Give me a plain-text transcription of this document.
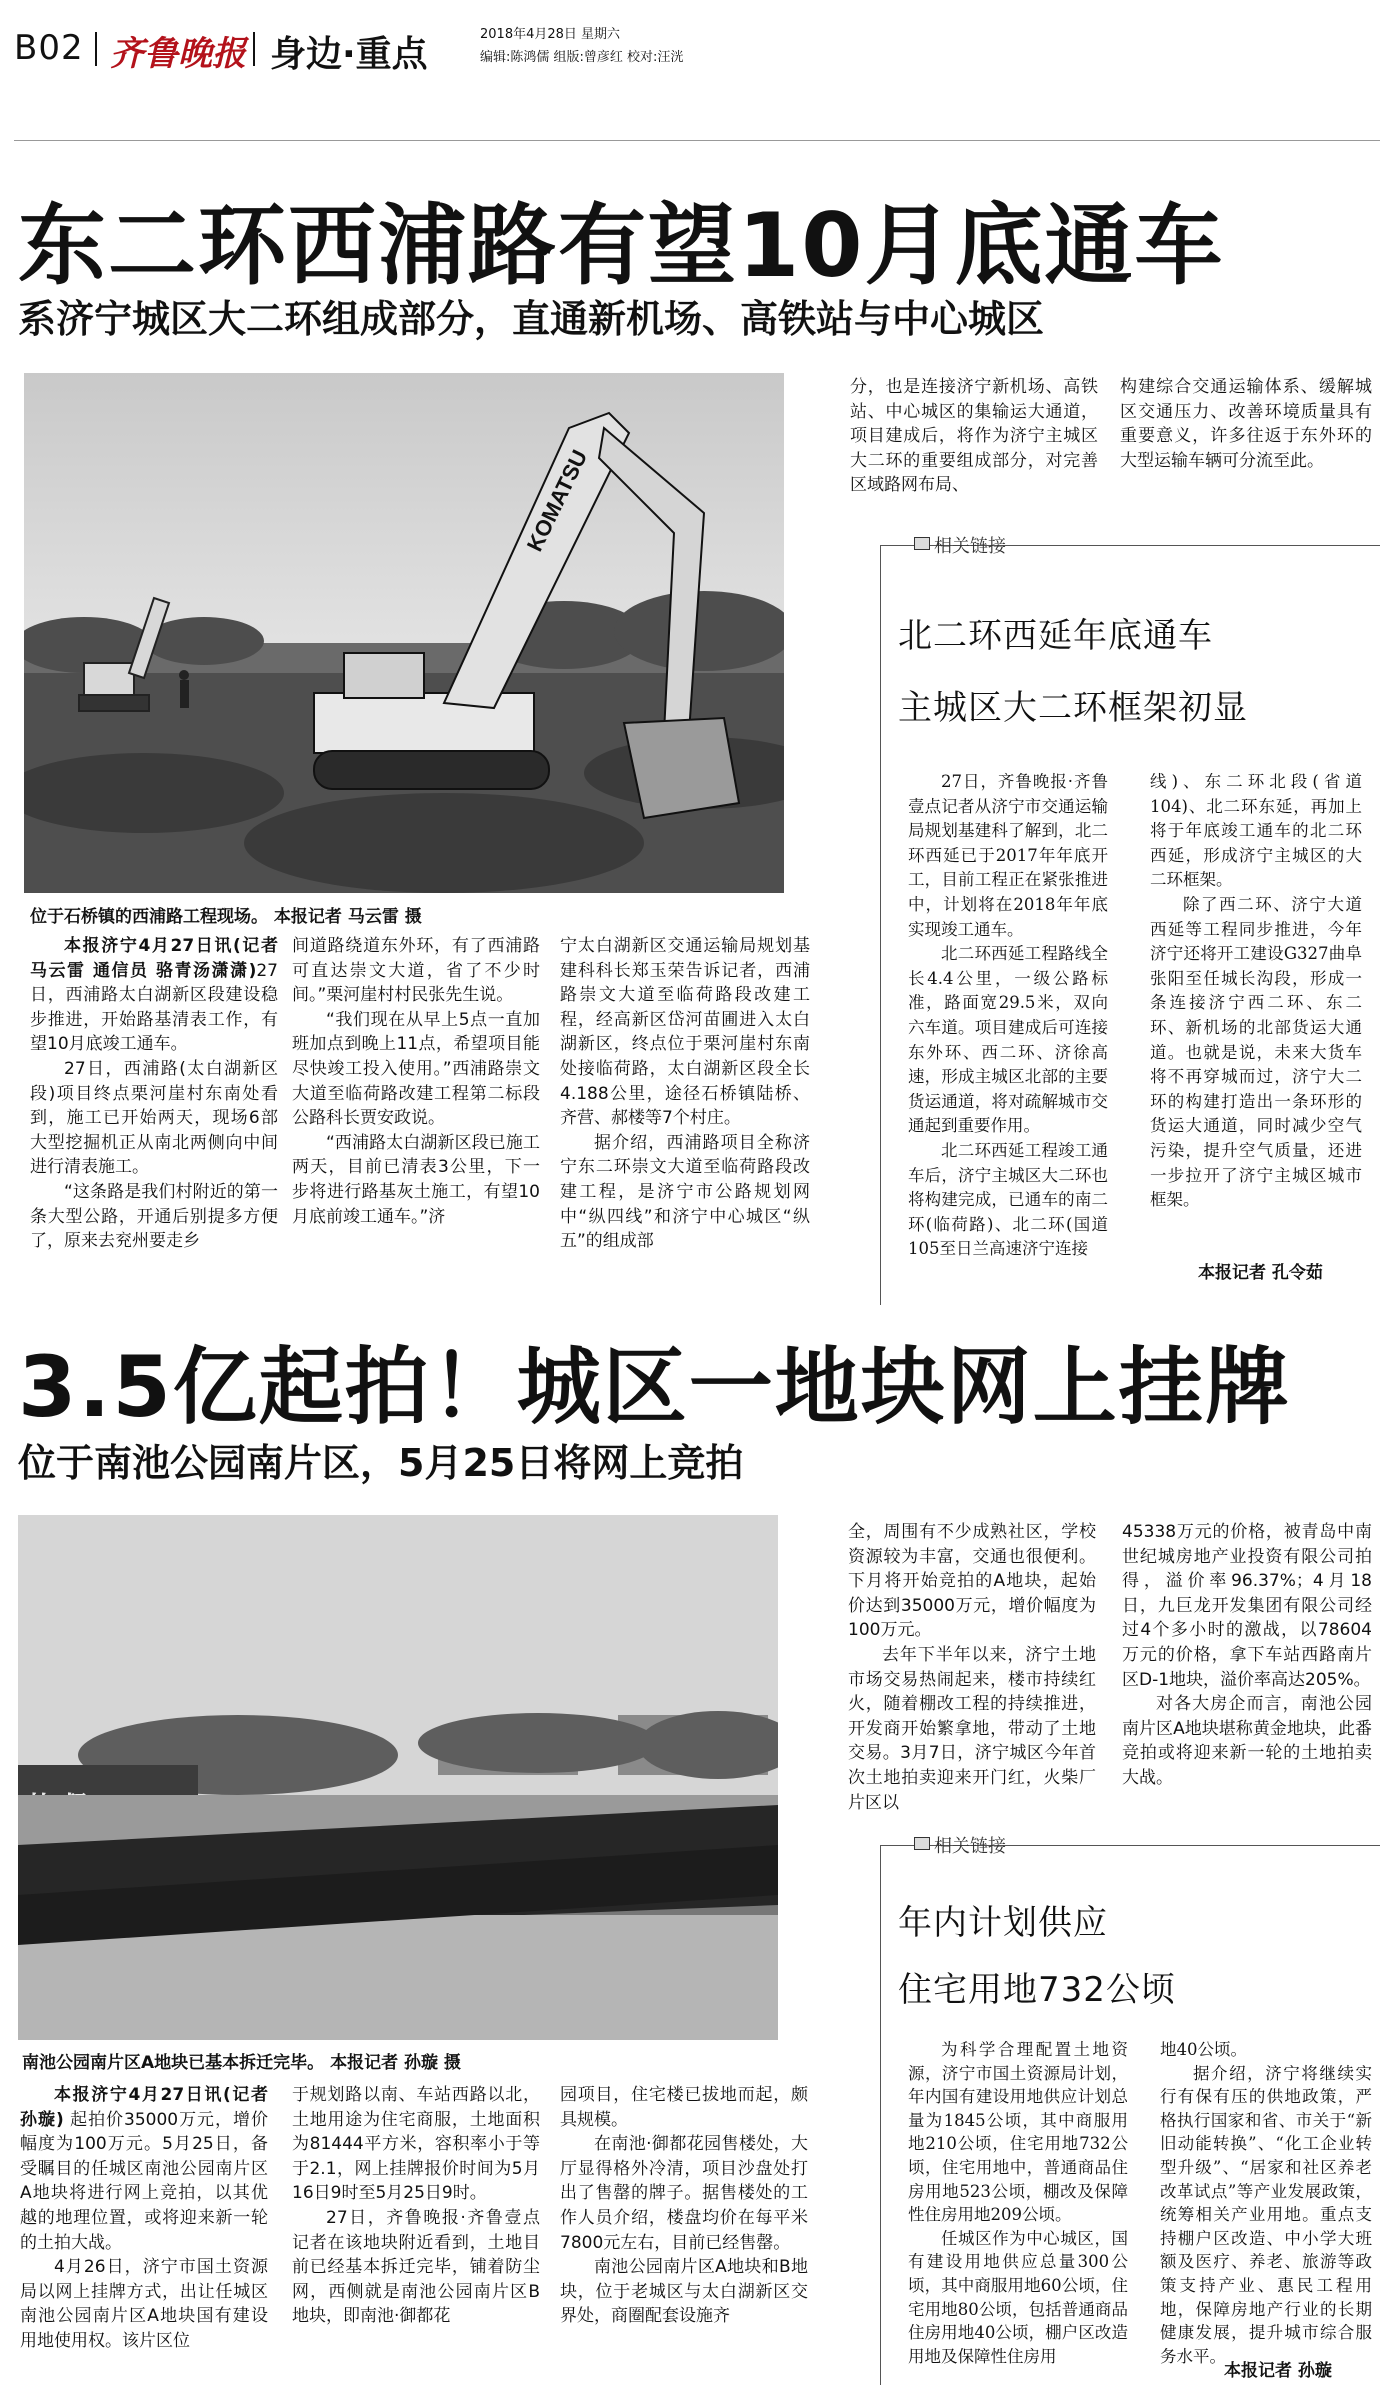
B02 齐鲁晚报 身边·重点	2018年4月28日 星期六
编辑:陈鸿儒 组版:曾彦红 校对:汪洸
东二环西浦路有望10月底通车
系济宁城区大二环组成部分，直通新机场、高铁站与中心城区
KOMATSU
位于石桥镇的西浦路工程现场。 本报记者 马云雷 摄

本报济宁4月27日讯(记者 马云雷 通信员 骆青汤潇潇)27日，西浦路太白湖新区段建设稳步推进，开始路基清表工作，有望10月底竣工通车。

27日，西浦路(太白湖新区段)项目终点栗河崖村东南处看到，施工已开始两天，现场6部大型挖掘机正从南北两侧向中间进行清表施工。

“这条路是我们村附近的第一条大型公路，开通后别提多方便了，原来去兖州要走乡

间道路绕道东外环，有了西浦路可直达崇文大道，省了不少时间。”栗河崖村村民张先生说。

“我们现在从早上5点一直加班加点到晚上11点，希望项目能尽快竣工投入使用。”西浦路崇文大道至临荷路改建工程第二标段公路科长贾安政说。

“西浦路太白湖新区段已施工两天，目前已清表3公里，下一步将进行路基灰土施工，有望10月底前竣工通车。”济

宁太白湖新区交通运输局规划基建科科长郑玉荣告诉记者，西浦路崇文大道至临荷路段改建工程，经高新区岱河苗圃进入太白湖新区，终点位于栗河崖村东南处接临荷路，太白湖新区段全长4.188公里，途径石桥镇陆桥、齐营、郝楼等7个村庄。

据介绍，西浦路项目全称济宁东二环崇文大道至临荷路段改建工程，是济宁市公路规划网中“纵四线”和济宁中心城区“纵五”的组成部

分，也是连接济宁新机场、高铁站、中心城区的集输运大通道，项目建成后，将作为济宁主城区大二环的重要组成部分，对完善区域路网布局、

构建综合交通运输体系、缓解城区交通压力、改善环境质量具有重要意义，许多往返于东外环的大型运输车辆可分流至此。

相关链接
北二环西延年底通车
主城区大二环框架初显

27日，齐鲁晚报·齐鲁壹点记者从济宁市交通运输局规划基建科了解到，北二环西延已于2017年年底开工，目前工程正在紧张推进中，计划将在2018年年底实现竣工通车。

北二环西延工程路线全长4.4公里，一级公路标准，路面宽29.5米，双向六车道。项目建成后可连接东外环、西二环、济徐高速，形成主城区北部的主要货运通道，将对疏解城市交通起到重要作用。

北二环西延工程竣工通车后，济宁主城区大二环也将构建完成，已通车的南二环(临荷路)、北二环(国道105至日兰高速济宁连接

线)、东二环北段(省道104)、北二环东延，再加上将于年底竣工通车的北二环西延，形成济宁主城区的大二环框架。

除了西二环、济宁大道西延等工程同步推进，今年济宁还将开工建设G327曲阜张阳至任城长沟段，形成一条连接济宁西二环、东二环、新机场的北部货运大通道。也就是说，未来大货车将不再穿城而过，济宁大二环的构建打造出一条环形的货运大通道，同时减少空气污染，提升空气质量，还进一步拉开了济宁主城区城市框架。

本报记者 孔令茹
3.5亿起拍！城区一地块网上挂牌
位于南池公园南片区，5月25日将网上竞拍
南池公园南片区A地块已基本拆迁完毕。 本报记者 孙璇 摄

本报济宁4月27日讯(记者 孙璇) 起拍价35000万元，增价幅度为100万元。5月25日，备受瞩目的任城区南池公园南片区A地块将进行网上竞拍，以其优越的地理位置，或将迎来新一轮的土拍大战。

4月26日，济宁市国土资源局以网上挂牌方式，出让任城区南池公园南片区A地块国有建设用地使用权。该片区位

于规划路以南、车站西路以北，土地用途为住宅商服，土地面积为81444平方米，容积率小于等于2.1，网上挂牌报价时间为5月16日9时至5月25日9时。

27日，齐鲁晚报·齐鲁壹点记者在该地块附近看到，土地目前已经基本拆迁完毕，铺着防尘网，西侧就是南池公园南片区B地块，即南池·御都花

园项目，住宅楼已拔地而起，颇具规模。

在南池·御都花园售楼处，大厅显得格外冷清，项目沙盘处打出了售罄的牌子。据售楼处的工作人员介绍，楼盘均价在每平米7800元左右，目前已经售罄。

南池公园南片区A地块和B地块，位于老城区与太白湖新区交界处，商圈配套设施齐

全，周围有不少成熟社区，学校资源较为丰富，交通也很便利。下月将开始竞拍的A地块，起始价达到35000万元，增价幅度为100万元。

去年下半年以来，济宁土地市场交易热闹起来，楼市持续红火，随着棚改工程的持续推进，开发商开始繁拿地，带动了土地交易。3月7日，济宁城区今年首次土地拍卖迎来开门红，火柴厂片区以

45338万元的价格，被青岛中南世纪城房地产业投资有限公司拍得，溢价率96.37%；4月18日，九巨龙开发集团有限公司经过4个多小时的激战，以78604万元的价格，拿下车站西路南片区D-1地块，溢价率高达205%。

对各大房企而言，南池公园南片区A地块堪称黄金地块，此番竞拍或将迎来新一轮的土地拍卖大战。

相关链接
年内计划供应
住宅用地732公顷

为科学合理配置土地资源，济宁市国土资源局计划，年内国有建设用地供应计划总量为1845公顷，其中商服用地210公顷，住宅用地732公顷，住宅用地中，普通商品住房用地523公顷，棚改及保障性住房用地209公顷。

任城区作为中心城区，国有建设用地供应总量300公顷，其中商服用地60公顷，住宅用地80公顷，包括普通商品住房用地40公顷，棚户区改造用地及保障性住房用

地40公顷。

据介绍，济宁将继续实行有保有压的供地政策，严格执行国家和省、市关于“新旧动能转换”、“化工企业转型升级”、“居家和社区养老改革试点”等产业发展政策，统筹相关产业用地。重点支持棚户区改造、中小学大班额及医疗、养老、旅游等政策支持产业、惠民工程用地，保障房地产行业的长期健康发展，提升城市综合服务水平。

本报记者 孙璇
